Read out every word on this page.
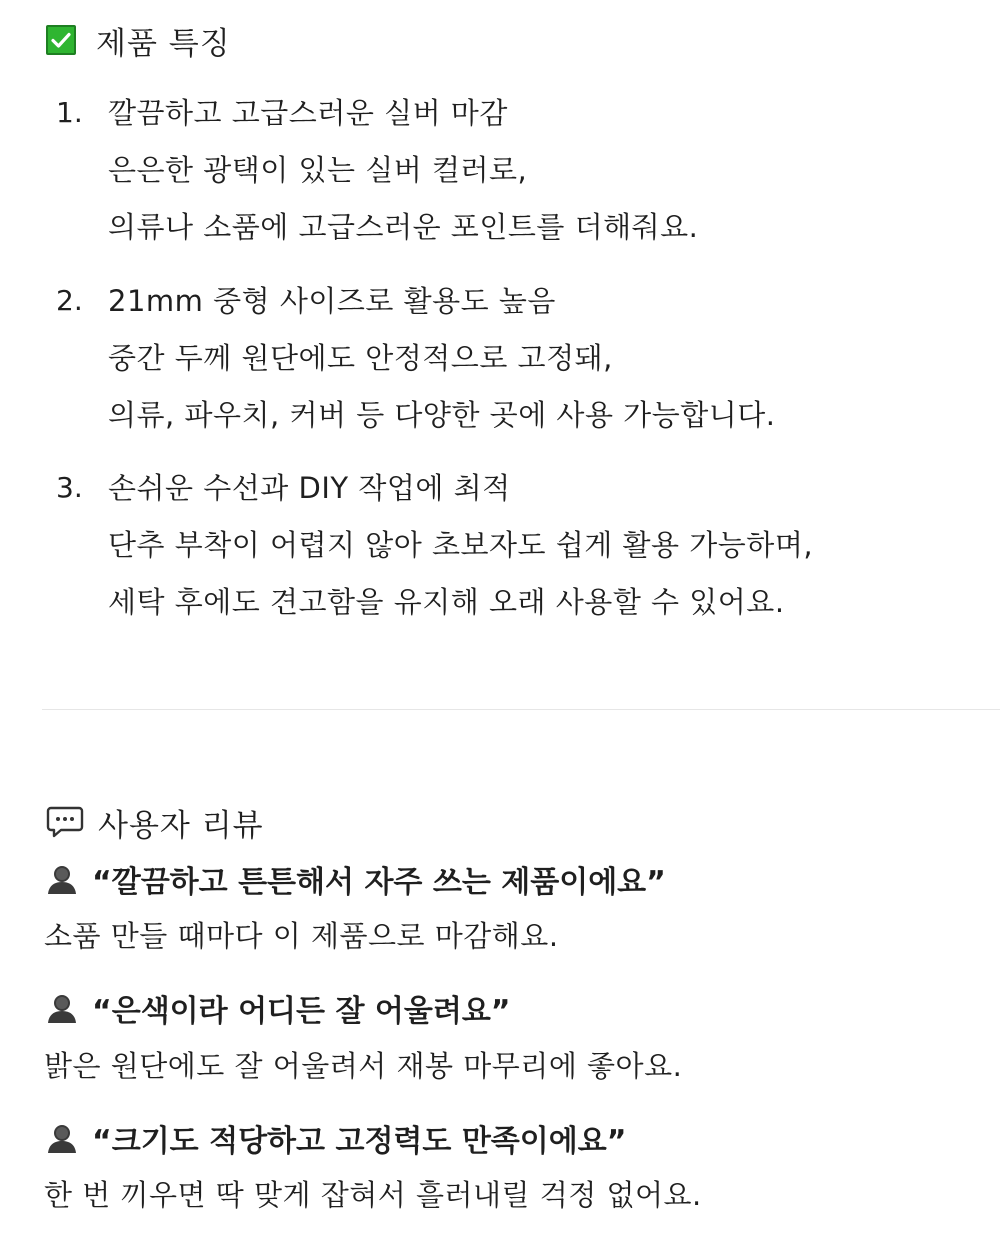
제품 특징
1. 깔끔하고 고급스러운 실버 마감
은은한 광택이 있는 실버 컬러로,
의류나 소품에 고급스러운 포인트를 더해줘요.
2. 21mm 중형 사이즈로 활용도 높음
중간 두께 원단에도 안정적으로 고정돼,
의류, 파우치, 커버 등 다양한 곳에 사용 가능합니다.
3. 손쉬운 수선과 DIY 작업에 최적
단추 부착이 어렵지 않아 초보자도 쉽게 활용 가능하며,
세탁 후에도 견고함을 유지해 오래 사용할 수 있어요.
사용자 리뷰
“깔끔하고 튼튼해서 자주 쓰는 제품이에요”
소품 만들 때마다 이 제품으로 마감해요.
“은색이라 어디든 잘 어울려요”
밝은 원단에도 잘 어울려서 재봉 마무리에 좋아요.
“크기도 적당하고 고정력도 만족이에요”
한 번 끼우면 딱 맞게 잡혀서 흘러내릴 걱정 없어요.
